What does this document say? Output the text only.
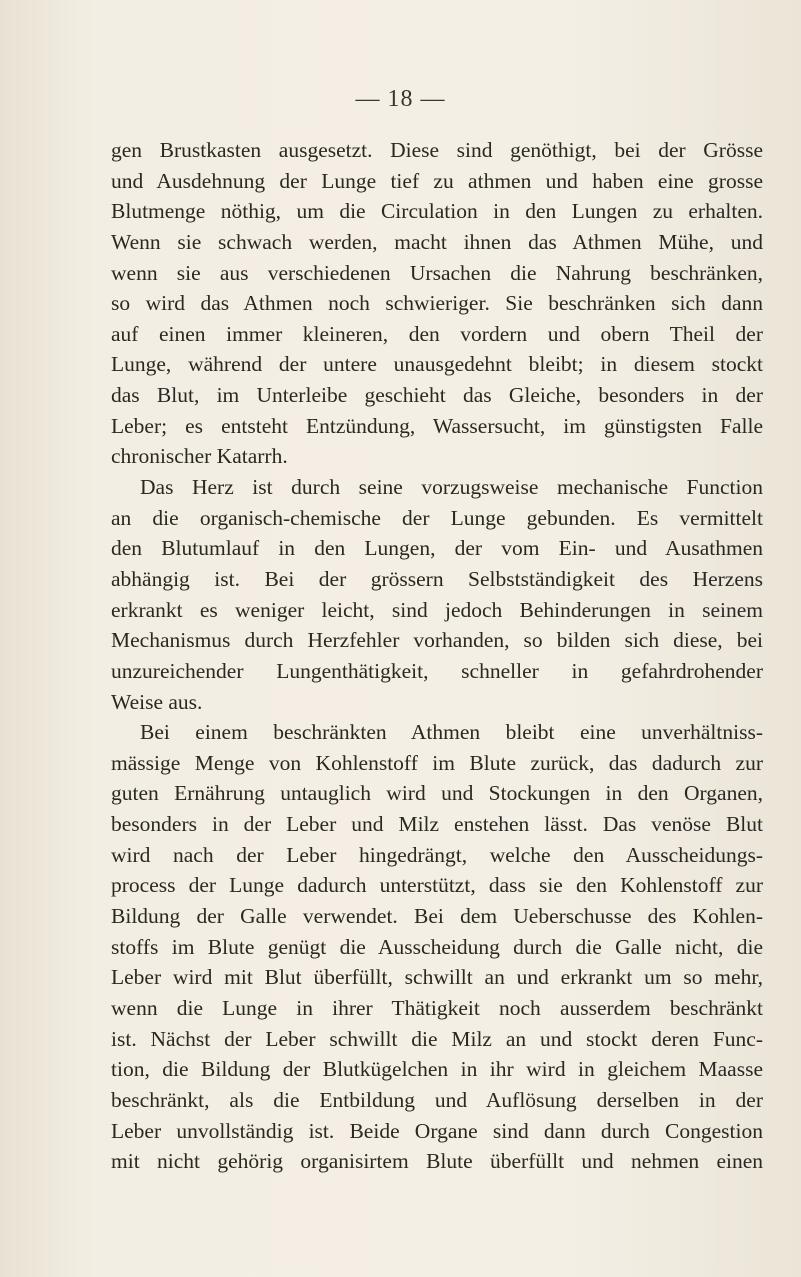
— 18 —
gen Brustkasten ausgesetzt. Diese sind genöthigt, bei der Grösse
und Ausdehnung der Lunge tief zu athmen und haben eine grosse
Blutmenge nöthig, um die Circulation in den Lungen zu erhalten.
Wenn sie schwach werden, macht ihnen das Athmen Mühe, und
wenn sie aus verschiedenen Ursachen die Nahrung beschränken,
so wird das Athmen noch schwieriger. Sie beschränken sich dann
auf einen immer kleineren, den vordern und obern Theil der
Lunge, während der untere unausgedehnt bleibt; in diesem stockt
das Blut, im Unterleibe geschieht das Gleiche, besonders in der
Leber; es entsteht Entzündung, Wassersucht, im günstigsten Falle
chronischer Katarrh.
Das Herz ist durch seine vorzugsweise mechanische Function
an die organisch-chemische der Lunge gebunden. Es vermittelt
den Blutumlauf in den Lungen, der vom Ein- und Ausathmen
abhängig ist. Bei der grössern Selbstständigkeit des Herzens
erkrankt es weniger leicht, sind jedoch Behinderungen in seinem
Mechanismus durch Herzfehler vorhanden, so bilden sich diese, bei
unzureichender Lungenthätigkeit, schneller in gefahrdrohender
Weise aus.
Bei einem beschränkten Athmen bleibt eine unverhältniss-
mässige Menge von Kohlenstoff im Blute zurück, das dadurch zur
guten Ernährung untauglich wird und Stockungen in den Organen,
besonders in der Leber und Milz enstehen lässt. Das venöse Blut
wird nach der Leber hingedrängt, welche den Ausscheidungs-
process der Lunge dadurch unterstützt, dass sie den Kohlenstoff zur
Bildung der Galle verwendet. Bei dem Ueberschusse des Kohlen-
stoffs im Blute genügt die Ausscheidung durch die Galle nicht, die
Leber wird mit Blut überfüllt, schwillt an und erkrankt um so mehr,
wenn die Lunge in ihrer Thätigkeit noch ausserdem beschränkt
ist. Nächst der Leber schwillt die Milz an und stockt deren Func-
tion, die Bildung der Blutkügelchen in ihr wird in gleichem Maasse
beschränkt, als die Entbildung und Auflösung derselben in der
Leber unvollständig ist. Beide Organe sind dann durch Congestion
mit nicht gehörig organisirtem Blute überfüllt und nehmen einen
